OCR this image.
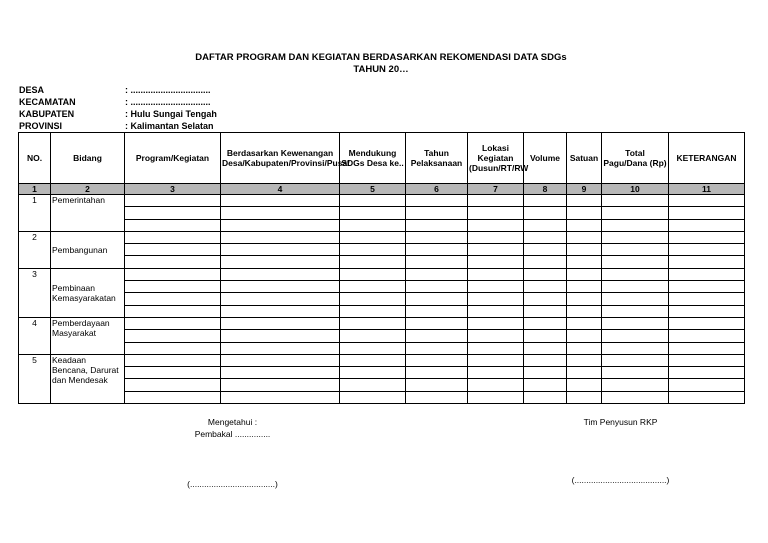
DAFTAR PROGRAM DAN KEGIATAN BERDASARKAN REKOMENDASI DATA SDGs
TAHUN 20…
DESA	: ................................
KECAMATAN	: ................................
KABUPATEN	: Hulu Sungai Tengah
PROVINSI	: Kalimantan Selatan
NO.	Bidang	Program/Kegiatan	Berdasarkan Kewenangan Desa/Kabupaten/Provinsi/Pusat	Mendukung SDGs Desa ke..	Tahun Pelaksanaan	Lokasi Kegiatan (Dusun/RT/RW	Volume	Satuan	Total Pagu/Dana (Rp)	KETERANGAN
1	2	3	4	5	6	7	8	9	10	11
1	Pemerintahan									

2	Pembangunan									

3	Pembinaan Kemasyarakatan									

4	Pemberdayaan Masyarakat									

5	Keadaan Bencana, Darurat dan Mendesak									

Mengetahui :
Pembakal ...............
(....................................)
Tim Penyusun RKP
(.......................................)
